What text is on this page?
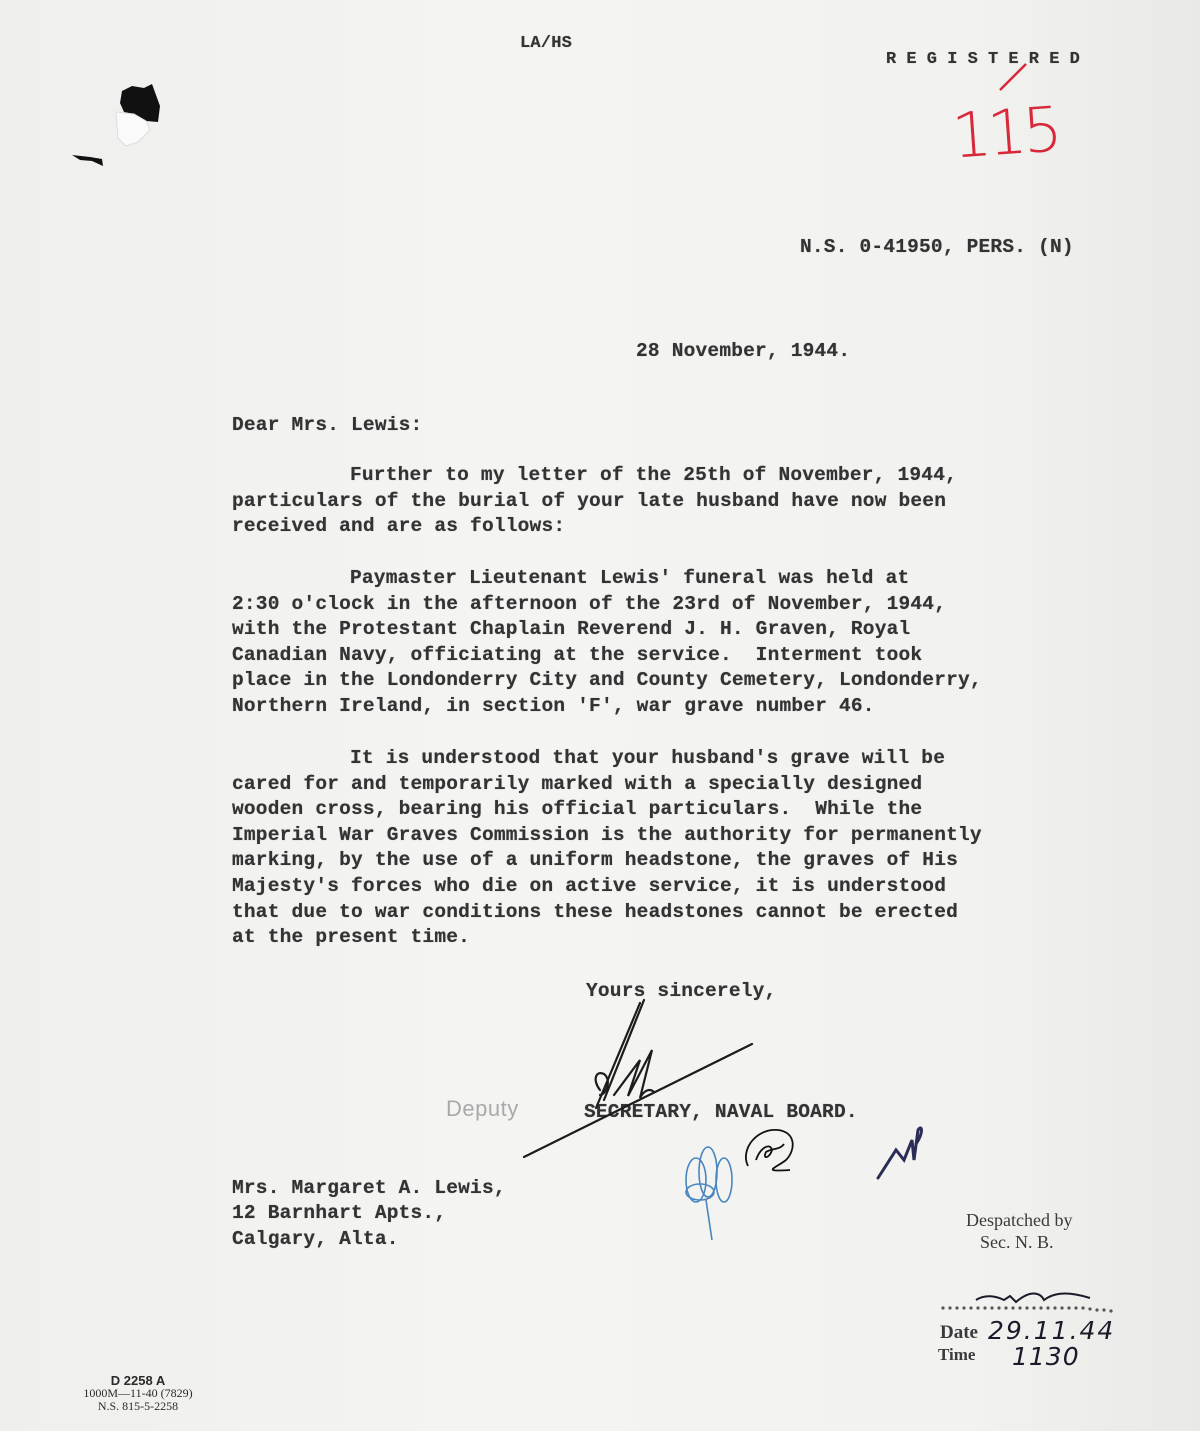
LA/HS

REGISTERED

115

N.S. 0-41950, PERS. (N)

28 November, 1944.

Dear Mrs. Lewis:

Further to my letter of the 25th of November, 1944,
particulars of the burial of your late husband have now been
received and are as follows:
Paymaster Lieutenant Lewis' funeral was held at
2:30 o'clock in the afternoon of the 23rd of November, 1944,
with the Protestant Chaplain Reverend J. H. Graven, Royal
Canadian Navy, officiating at the service.  Interment took
place in the Londonderry City and County Cemetery, Londonderry,
Northern Ireland, in section 'F', war grave number 46.
It is understood that your husband's grave will be
cared for and temporarily marked with a specially designed
wooden cross, bearing his official particulars.  While the
Imperial War Graves Commission is the authority for permanently
marking, by the use of a uniform headstone, the graves of His
Majesty's forces who die on active service, it is understood
that due to war conditions these headstones cannot be erected
at the present time.

Yours sincerely,

Deputy	SECRETARY, NAVAL BOARD.

Mrs. Margaret A. Lewis,

12 Barnhart Apts.,

Calgary, Alta.

Despatched by

Sec. N. B.

Date 29.11.44

Time 1130

D 2258 A

1000M—11-40 (7829)

N.S. 815-5-2258
